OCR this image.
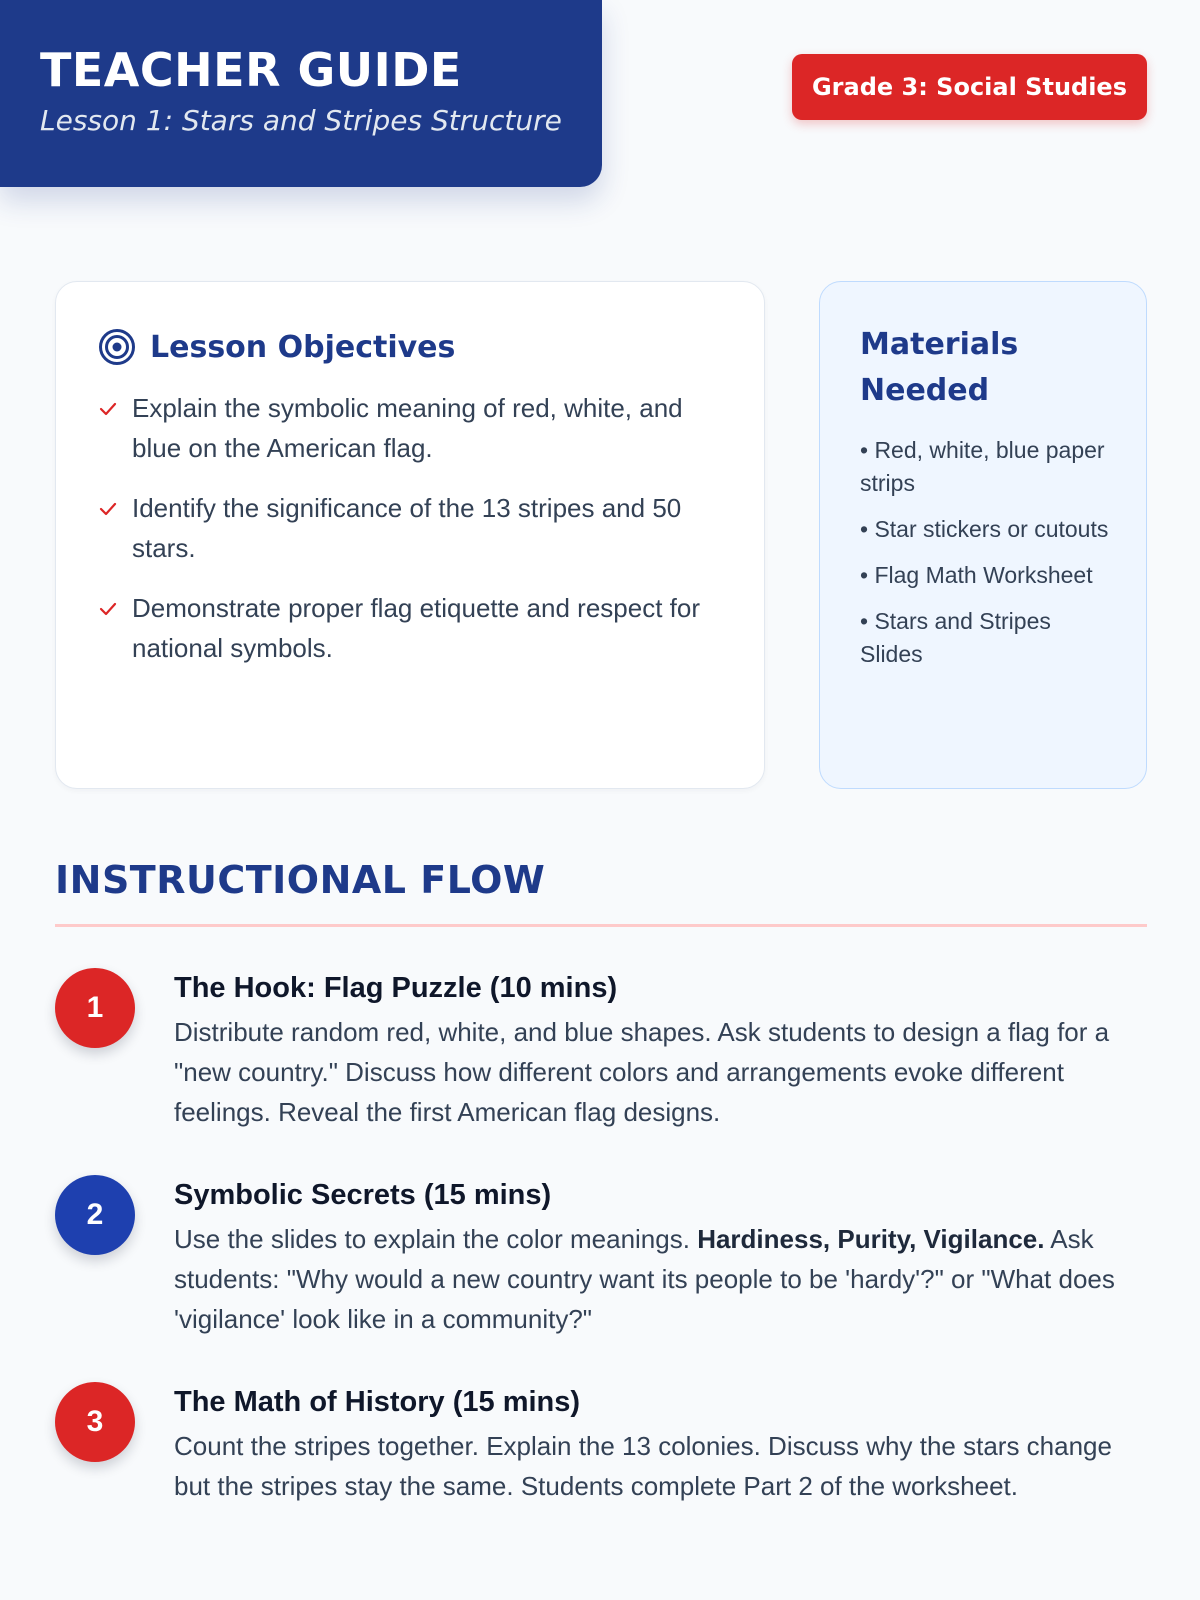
TEACHER GUIDE
Lesson 1: Stars and Stripes Structure
Grade 3: Social Studies
Lesson Objectives
Explain the symbolic meaning of red, white, and blue on the American flag.
Identify the significance of the 13 stripes and 50 stars.
Demonstrate proper flag etiquette and respect for national symbols.
Materials Needed
• Red, white, blue paper strips
• Star stickers or cutouts
• Flag Math Worksheet
• Stars and Stripes Slides
INSTRUCTIONAL FLOW
1
The Hook: Flag Puzzle (10 mins)
Distribute random red, white, and blue shapes. Ask students to design a flag for a "new country." Discuss how different colors and arrangements evoke different feelings. Reveal the first American flag designs.
2
Symbolic Secrets (15 mins)
Use the slides to explain the color meanings. Hardiness, Purity, Vigilance. Ask students: "Why would a new country want its people to be 'hardy'?" or "What does 'vigilance' look like in a community?"
3
The Math of History (15 mins)
Count the stripes together. Explain the 13 colonies. Discuss why the stars change but the stripes stay the same. Students complete Part 2 of the worksheet.
